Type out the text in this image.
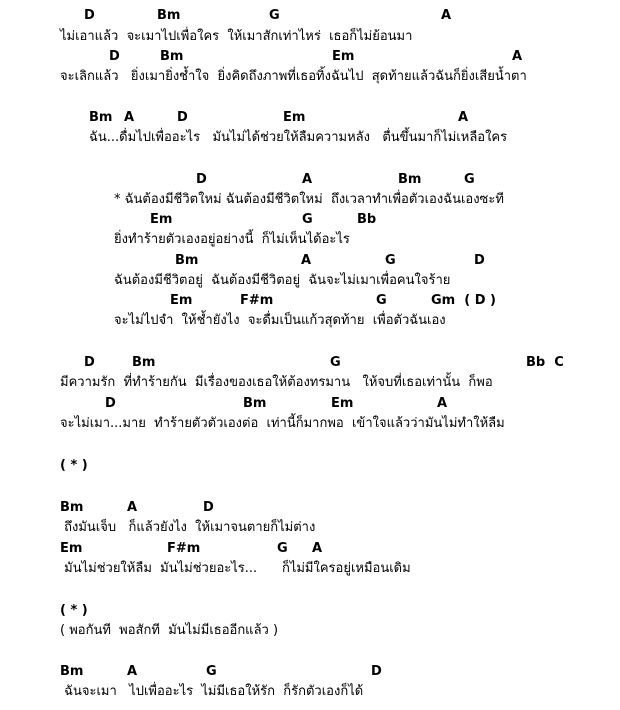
D	Bm	G	A
ไม่เอาแล้ว  จะเมาไปเพื่อใคร  ให้เมาสักเท่าไหร่  เธอก็ไม่ย้อนมา
D	Bm	Em	A
จะเลิกแล้ว   ยิ่งเมายิ่งช้ำใจ  ยิ่งคิดถึงภาพที่เธอทิ้งฉันไป  สุดท้ายแล้วฉันก็ยิ่งเสียน้ำตา
Bm A	D	Em	A
ฉัน...ดื่มไปเพื่ออะไร   มันไม่ได้ช่วยให้ลืมความหลัง   ตื่นขึ้นมาก็ไม่เหลือใคร
D	A	Bm	G
* ฉันต้องมีชีวิตใหม่ ฉันต้องมีชีวิตใหม่  ถึงเวลาทำเพื่อตัวเองฉันเองซะที
Em	G	Bb
ยิ่งทำร้ายตัวเองอยู่อย่างนี้  ก็ไม่เห็นได้อะไร
Bm	A	G	D
ฉันต้องมีชีวิตอยู่  ฉันต้องมีชีวิตอยู่  ฉันจะไม่เมาเพื่อคนใจร้าย
Em	F#m	G	Gm  ( D )
จะไม่ไปจำ  ให้ช้ำยังไง  จะดื่มเป็นแก้วสุดท้าย  เพื่อตัวฉันเอง
D	Bm	G	Bb  C
มีความรัก  ที่ทำร้ายกัน  มีเรื่องของเธอให้ต้องทรมาน   ให้จบที่เธอเท่านั้น  ก็พอ
D	Bm	Em	A
จะไม่เมา...มาย  ทำร้ายตัวตัวเองต่อ  เท่านี้ก็มากพอ  เข้าใจแล้วว่ามันไม่ทำให้ลืม
( * )
Bm	A	D
ถึงมันเจ็บ   ก็แล้วยังไง  ให้เมาจนตายก็ไม่ต่าง
Em	F#m	G A
มันไม่ช่วยให้ลืม  มันไม่ช่วยอะไร...      ก็ไม่มีใครอยู่เหมือนเดิม
( * )
( พอกันที  พอสักที  มันไม่มีเธออีกแล้ว )
Bm	A	G	D
ฉันจะเมา   ไปเพื่ออะไร  ไม่มีเธอให้รัก  ก็รักตัวเองก็ได้
